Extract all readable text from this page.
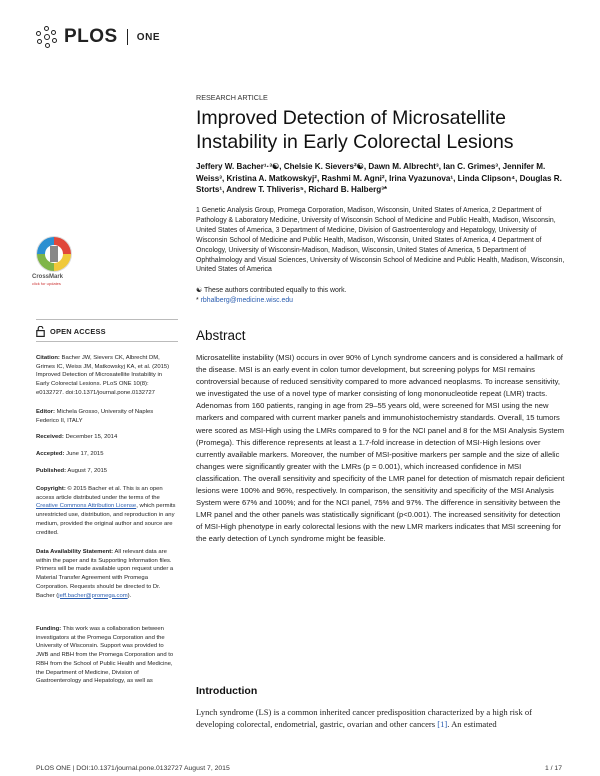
PLOS ONE
RESEARCH ARTICLE
Improved Detection of Microsatellite Instability in Early Colorectal Lesions
Jeffery W. Bacher¹·³☯, Chelsie K. Sievers²☯, Dawn M. Albrecht³, Ian C. Grimes³, Jennifer M. Weiss³, Kristina A. Matkowskyj², Rashmi M. Agni², Irina Vyazunova¹, Linda Clipson⁴, Douglas R. Storts¹, Andrew T. Thliveris⁵, Richard B. Halberg³*
1 Genetic Analysis Group, Promega Corporation, Madison, Wisconsin, United States of America, 2 Department of Pathology & Laboratory Medicine, University of Wisconsin School of Medicine and Public Health, Madison, Wisconsin, United States of America, 3 Department of Medicine, Division of Gastroenterology and Hepatology, University of Wisconsin School of Medicine and Public Health, Madison, Wisconsin, United States of America, 4 Department of Oncology, University of Wisconsin-Madison, Madison, Wisconsin, United States of America, 5 Department of Ophthalmology and Visual Sciences, University of Wisconsin School of Medicine and Public Health, Madison, Wisconsin, United States of America
☯ These authors contributed equally to this work.
* rbhalberg@medicine.wisc.edu
CrossMark
click for updates
OPEN ACCESS
Citation: Bacher JW, Sievers CK, Albrecht DM, Grimes IC, Weiss JM, Matkowskyj KA, et al. (2015) Improved Detection of Microsatellite Instability in Early Colorectal Lesions. PLoS ONE 10(8): e0132727. doi:10.1371/journal.pone.0132727
Editor: Michela Grosso, University of Naples Federico II, ITALY
Received: December 15, 2014
Accepted: June 17, 2015
Published: August 7, 2015
Copyright: © 2015 Bacher et al. This is an open access article distributed under the terms of the Creative Commons Attribution License, which permits unrestricted use, distribution, and reproduction in any medium, provided the original author and source are credited.
Data Availability Statement: All relevant data are within the paper and its Supporting Information files. Primers will be made available upon request under a Material Transfer Agreement with Promega Corporation. Requests should be directed to Dr. Bacher (jeff.bacher@promega.com).
Funding: This work was a collaboration between investigators at the Promega Corporation and the University of Wisconsin. Support was provided to JWB and RBH from the Promega Corporation and to RBH from the School of Public Health and Medicine, the Department of Medicine, Division of Gastroenterology and Hepatology, as well as
Abstract
Microsatellite instability (MSI) occurs in over 90% of Lynch syndrome cancers and is considered a hallmark of the disease. MSI is an early event in colon tumor development, but screening polyps for MSI remains controversial because of reduced sensitivity compared to more advanced neoplasms. To increase sensitivity, we investigated the use of a novel type of marker consisting of long mononucleotide repeat (LMR) tracts. Adenomas from 160 patients, ranging in age from 29–55 years old, were screened for MSI using the new markers and compared with current marker panels and immunohistochemistry standards. Overall, 15 tumors were scored as MSI-High using the LMRs compared to 9 for the NCI panel and 8 for the MSI Analysis System (Promega). This difference represents at least a 1.7-fold increase in detection of MSI-High lesions over currently available markers. Moreover, the number of MSI-positive markers per sample and the size of allelic changes were significantly greater with the LMRs (p = 0.001), which increased confidence in MSI classification. The overall sensitivity and specificity of the LMR panel for detection of mismatch repair deficient lesions were 100% and 96%, respectively. In comparison, the sensitivity and specificity of the MSI Analysis System were 67% and 100%; and for the NCI panel, 75% and 97%. The difference in sensitivity between the LMR panel and the other panels was statistically significant (p<0.001). The increased sensitivity for detection of MSI-High phenotype in early colorectal lesions with the new LMR markers indicates that MSI screening for the early detection of Lynch syndrome might be feasible.
Introduction
Lynch syndrome (LS) is a common inherited cancer predisposition characterized by a high risk of developing colorectal, endometrial, gastric, ovarian and other cancers [1]. An estimated
PLOS ONE | DOI:10.1371/journal.pone.0132727 August 7, 2015	1 / 17
